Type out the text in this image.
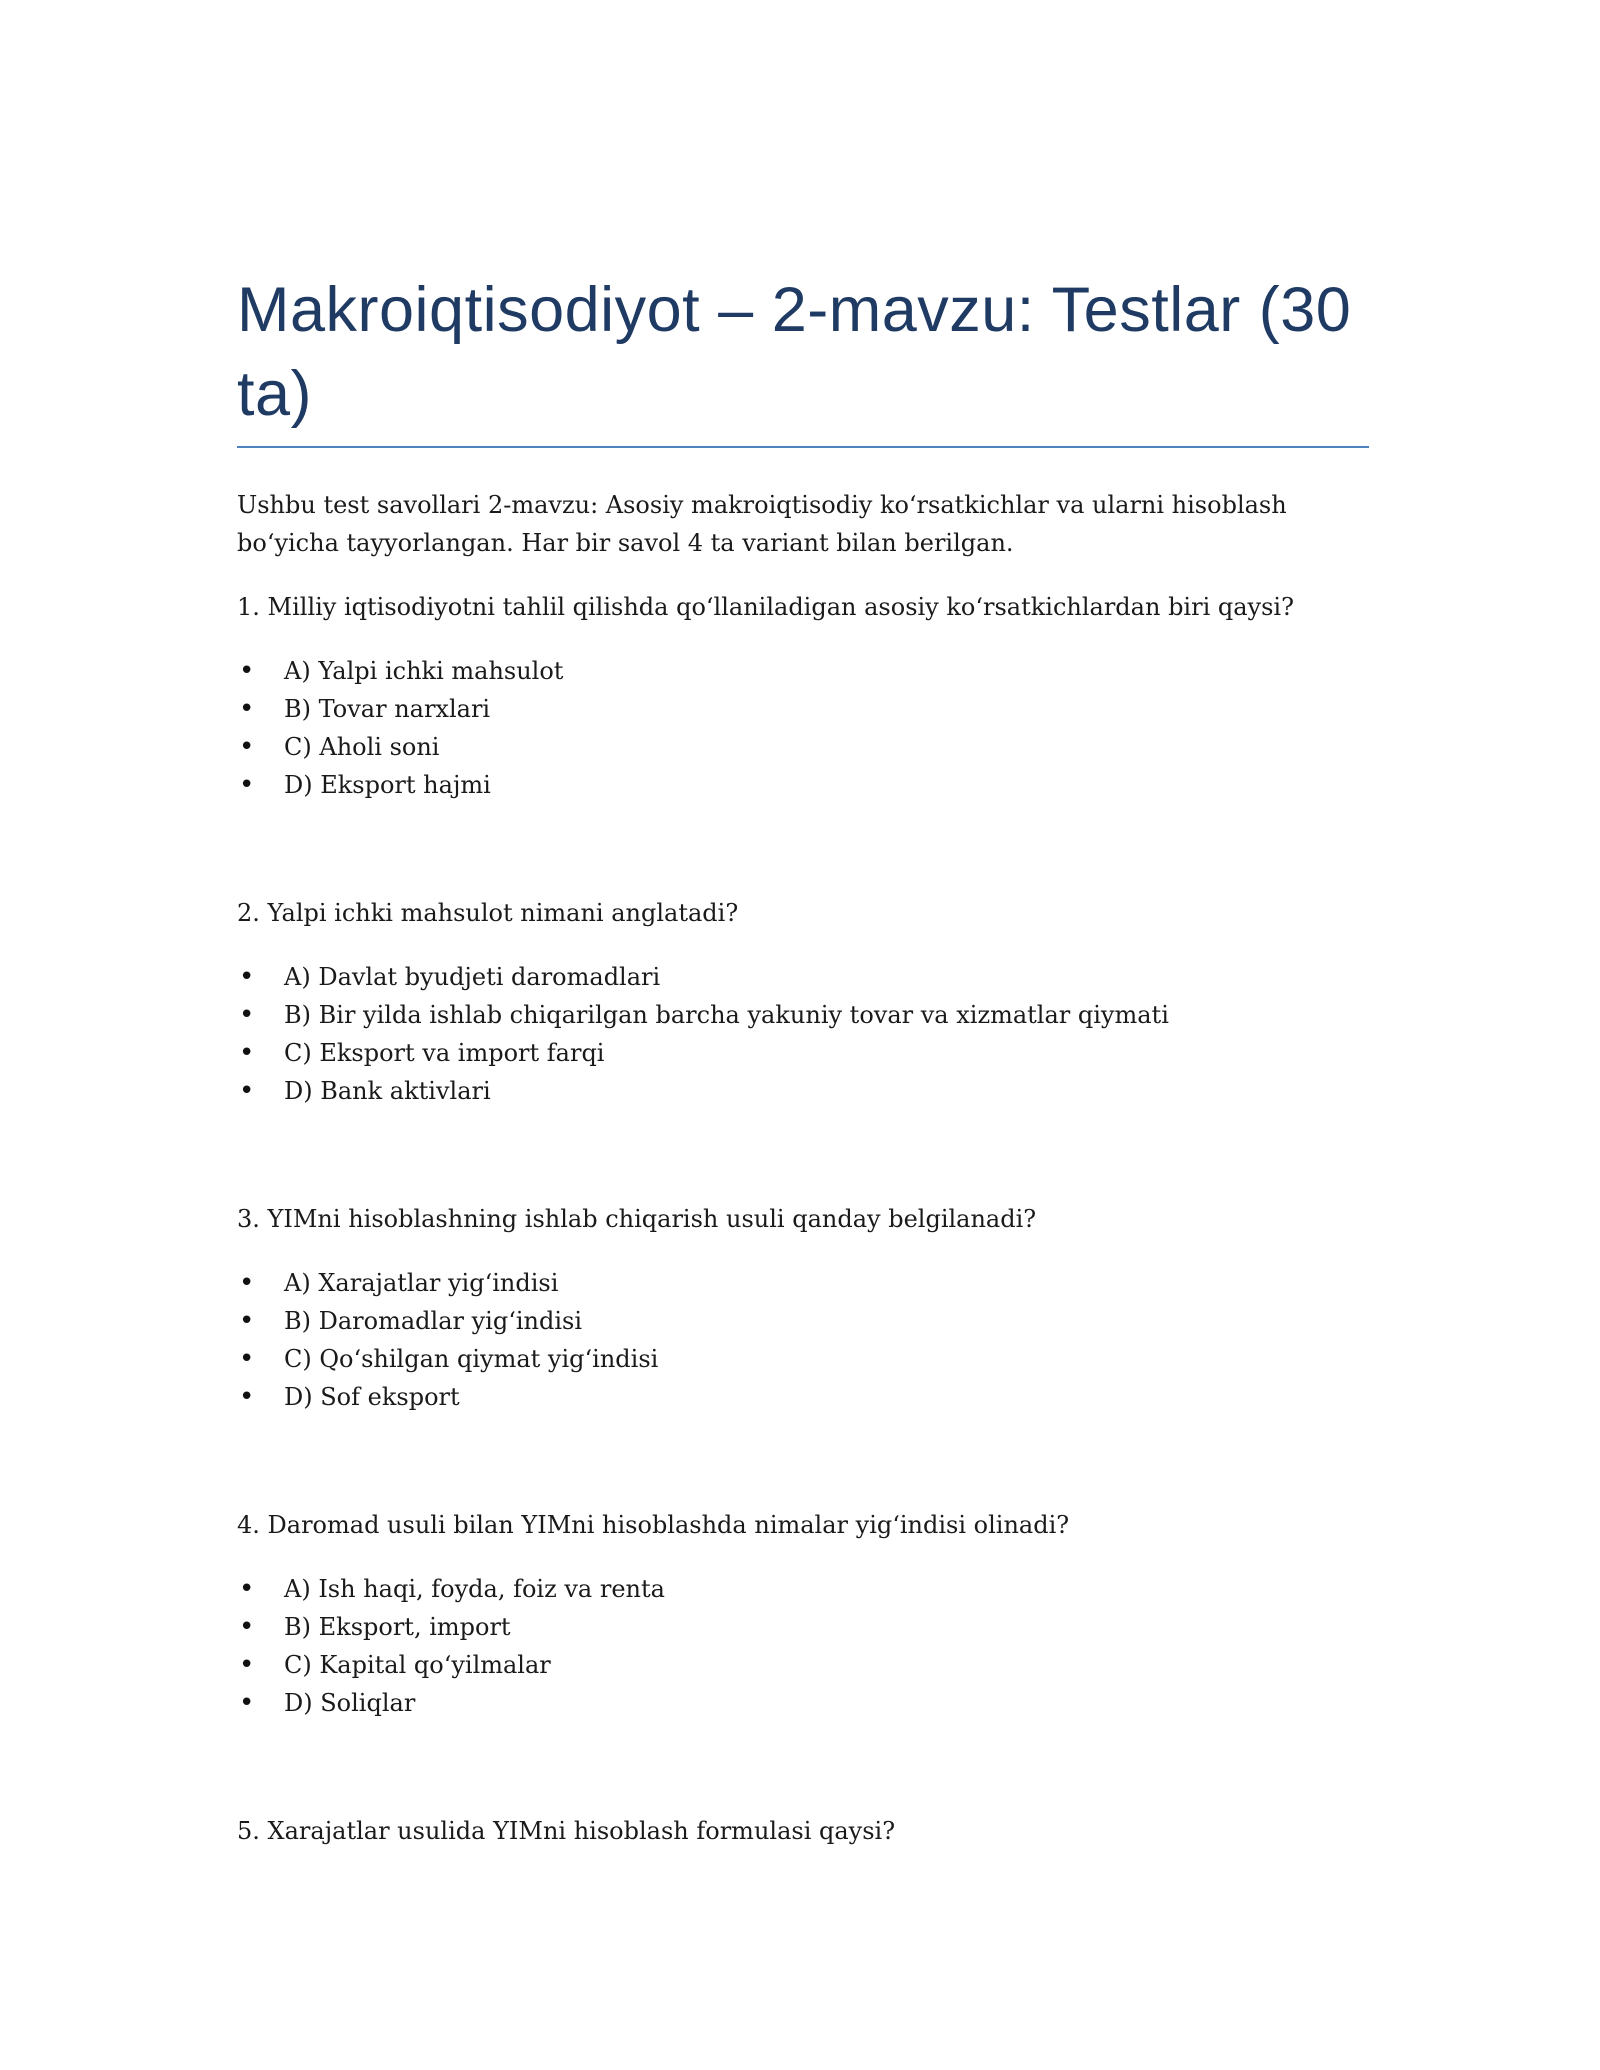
Makroiqtisodiyot – 2-mavzu: Testlar (30 ta)

Ushbu test savollari 2-mavzu: Asosiy makroiqtisodiy ko‘rsatkichlar va ularni hisoblash bo‘yicha tayyorlangan. Har bir savol 4 ta variant bilan berilgan.

1. Milliy iqtisodiyotni tahlil qilishda qo‘llaniladigan asosiy ko‘rsatkichlardan biri qaysi?

• A) Yalpi ichki mahsulot
• B) Tovar narxlari
• C) Aholi soni
• D) Eksport hajmi

2. Yalpi ichki mahsulot nimani anglatadi?

• A) Davlat byudjeti daromadlari
• B) Bir yilda ishlab chiqarilgan barcha yakuniy tovar va xizmatlar qiymati
• C) Eksport va import farqi
• D) Bank aktivlari

3. YIMni hisoblashning ishlab chiqarish usuli qanday belgilanadi?

• A) Xarajatlar yig‘indisi
• B) Daromadlar yig‘indisi
• C) Qo‘shilgan qiymat yig‘indisi
• D) Sof eksport

4. Daromad usuli bilan YIMni hisoblashda nimalar yig‘indisi olinadi?

• A) Ish haqi, foyda, foiz va renta
• B) Eksport, import
• C) Kapital qo‘yilmalar
• D) Soliqlar

5. Xarajatlar usulida YIMni hisoblash formulasi qaysi?
